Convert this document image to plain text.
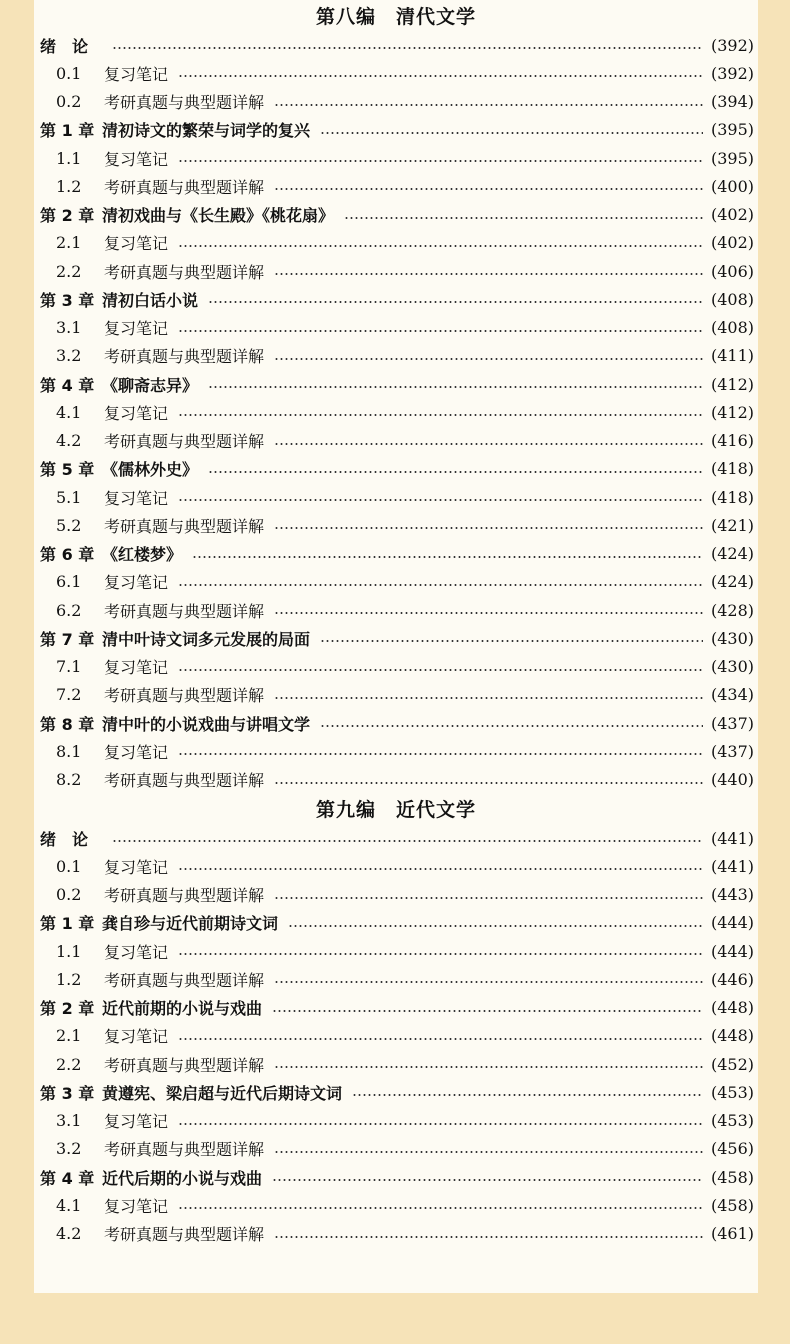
第八编　清代文学
绪　论	(392)
0.1	复习笔记	(392)
0.2	考研真题与典型题详解	(394)
第 1 章 清初诗文的繁荣与词学的复兴	(395)
1.1	复习笔记	(395)
1.2	考研真题与典型题详解	(400)
第 2 章 清初戏曲与《长生殿》《桃花扇》	(402)
2.1	复习笔记	(402)
2.2	考研真题与典型题详解	(406)
第 3 章 清初白话小说	(408)
3.1	复习笔记	(408)
3.2	考研真题与典型题详解	(411)
第 4 章 《聊斋志异》	(412)
4.1	复习笔记	(412)
4.2	考研真题与典型题详解	(416)
第 5 章 《儒林外史》	(418)
5.1	复习笔记	(418)
5.2	考研真题与典型题详解	(421)
第 6 章 《红楼梦》	(424)
6.1	复习笔记	(424)
6.2	考研真题与典型题详解	(428)
第 7 章 清中叶诗文词多元发展的局面	(430)
7.1	复习笔记	(430)
7.2	考研真题与典型题详解	(434)
第 8 章 清中叶的小说戏曲与讲唱文学	(437)
8.1	复习笔记	(437)
8.2	考研真题与典型题详解	(440)
第九编　近代文学
绪　论	(441)
0.1	复习笔记	(441)
0.2	考研真题与典型题详解	(443)
第 1 章 龚自珍与近代前期诗文词	(444)
1.1	复习笔记	(444)
1.2	考研真题与典型题详解	(446)
第 2 章 近代前期的小说与戏曲	(448)
2.1	复习笔记	(448)
2.2	考研真题与典型题详解	(452)
第 3 章 黄遵宪、梁启超与近代后期诗文词	(453)
3.1	复习笔记	(453)
3.2	考研真题与典型题详解	(456)
第 4 章 近代后期的小说与戏曲	(458)
4.1	复习笔记	(458)
4.2	考研真题与典型题详解	(461)
